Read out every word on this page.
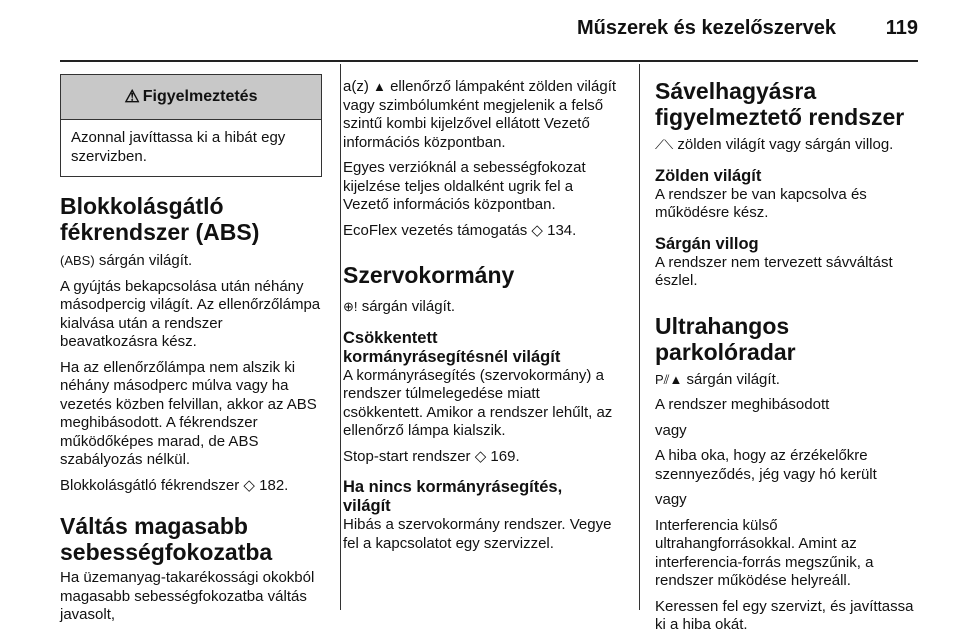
Műszerek és kezelőszervek 119
⚠ Figyelmeztetés
Azonnal javíttassa ki a hibát egy szervizben.
Blokkolásgátló
fékrendszer (ABS)

(ABS) sárgán világít.

A gyújtás bekapcsolása után néhány másodpercig világít. Az ellenőrzőlámpa kialvása után a rendszer beavatkozásra kész.

Ha az ellenőrzőlámpa nem alszik ki néhány másodperc múlva vagy ha vezetés közben felvillan, akkor az ABS meghibásodott. A fékrendszer működőképes marad, de ABS szabályozás nélkül.

Blokkolásgátló fékrendszer ◇ 182.

Váltás magasabb
sebességfokozatba

Ha üzemanyag-takarékossági okokból magasabb sebességfokozatba váltás javasolt,

a(z) ▲ ellenőrző lámpaként zölden világít vagy szimbólumként megjelenik a felső szintű kombi kijelzővel ellátott Vezető információs központban.

Egyes verzióknál a sebességfokozat kijelzése teljes oldalként ugrik fel a Vezető információs központban.

EcoFlex vezetés támogatás ◇ 134.

Szervokormány

⊕! sárgán világít.

Csökkentett
kormányrásegítésnél világít

A kormányrásegítés (szervokormány) a rendszer túlmelegedése miatt csökkentett. Amikor a rendszer lehűlt, az ellenőrző lámpa kialszik.

Stop-start rendszer ◇ 169.

Ha nincs kormányrásegítés,
világít

Hibás a szervokormány rendszer. Vegye fel a kapcsolatot egy szervizzel.

Sávelhagyásra
figyelmeztető rendszer

⟋⟍ zölden világít vagy sárgán villog.

Zölden világít

A rendszer be van kapcsolva és működésre kész.

Sárgán villog

A rendszer nem tervezett sávváltást észlel.

Ultrahangos parkolóradar

P⫽▲ sárgán világít.

A rendszer meghibásodott

vagy

A hiba oka, hogy az érzékelőkre szennyeződés, jég vagy hó került

vagy

Interferencia külső ultrahangforrásokkal. Amint az interferencia-forrás megszűnik, a rendszer működése helyreáll.

Keressen fel egy szervizt, és javíttassa ki a hiba okát.
